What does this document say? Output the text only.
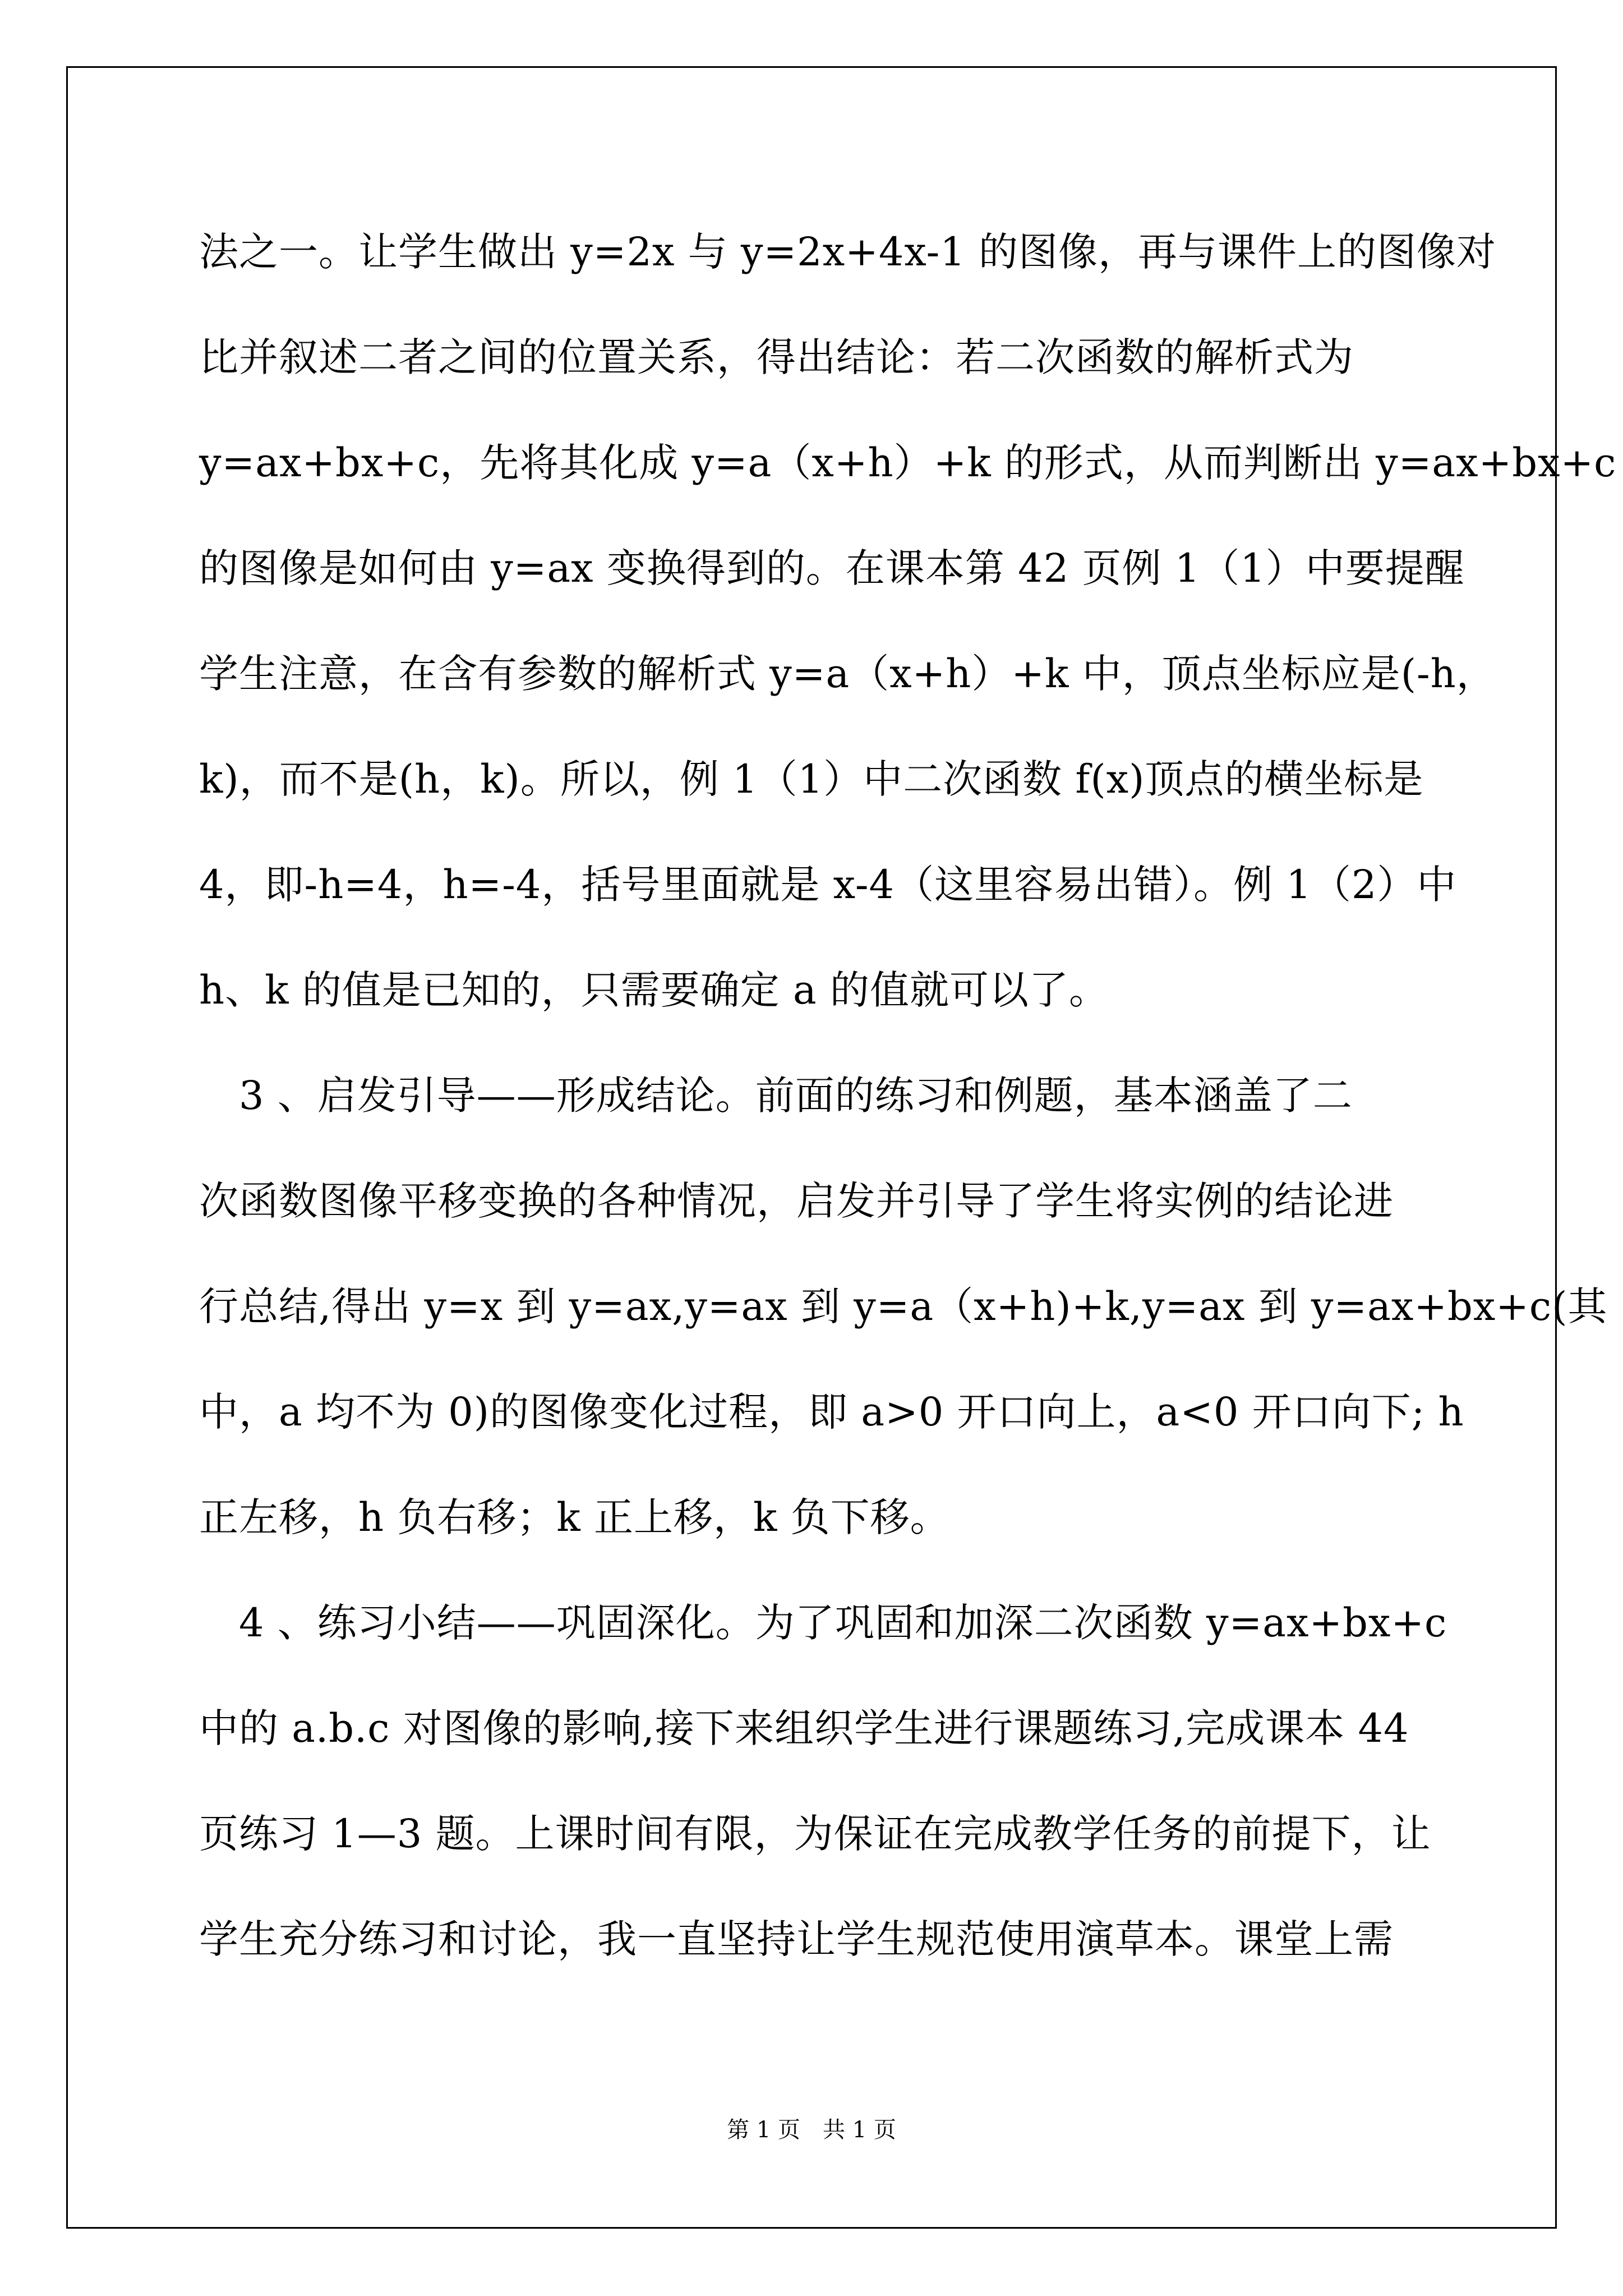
法之一。让学生做出 y=2x 与 y=2x+4x-1 的图像，再与课件上的图像对
比并叙述二者之间的位置关系，得出结论：若二次函数的解析式为
y=ax+bx+c，先将其化成 y=a（x+h）+k 的形式，从而判断出 y=ax+bx+c
的图像是如何由 y=ax 变换得到的。在课本第 42 页例 1（1）中要提醒
学生注意，在含有参数的解析式 y=a（x+h）+k 中，顶点坐标应是(-h，
k)，而不是(h，k)。所以，例 1（1）中二次函数 f(x)顶点的横坐标是
4，即-h=4，h=-4，括号里面就是 x-4（这里容易出错）。例 1（2）中
h、k 的值是已知的，只需要确定 a 的值就可以了。
　3 、启发引导——形成结论。前面的练习和例题，基本涵盖了二
次函数图像平移变换的各种情况，启发并引导了学生将实例的结论进
行总结,得出 y=x 到 y=ax,y=ax 到 y=a（x+h)+k,y=ax 到 y=ax+bx+c(其
中，a 均不为 0)的图像变化过程，即 a>0 开口向上，a<0 开口向下; h
正左移，h 负右移；k 正上移，k 负下移。
　4 、练习小结——巩固深化。为了巩固和加深二次函数 y=ax+bx+c
中的 a.b.c 对图像的影响,接下来组织学生进行课题练习,完成课本 44
页练习 1—3 题。上课时间有限，为保证在完成教学任务的前提下，让
学生充分练习和讨论，我一直坚持让学生规范使用演草本。课堂上需
第 1 页　共 1 页
